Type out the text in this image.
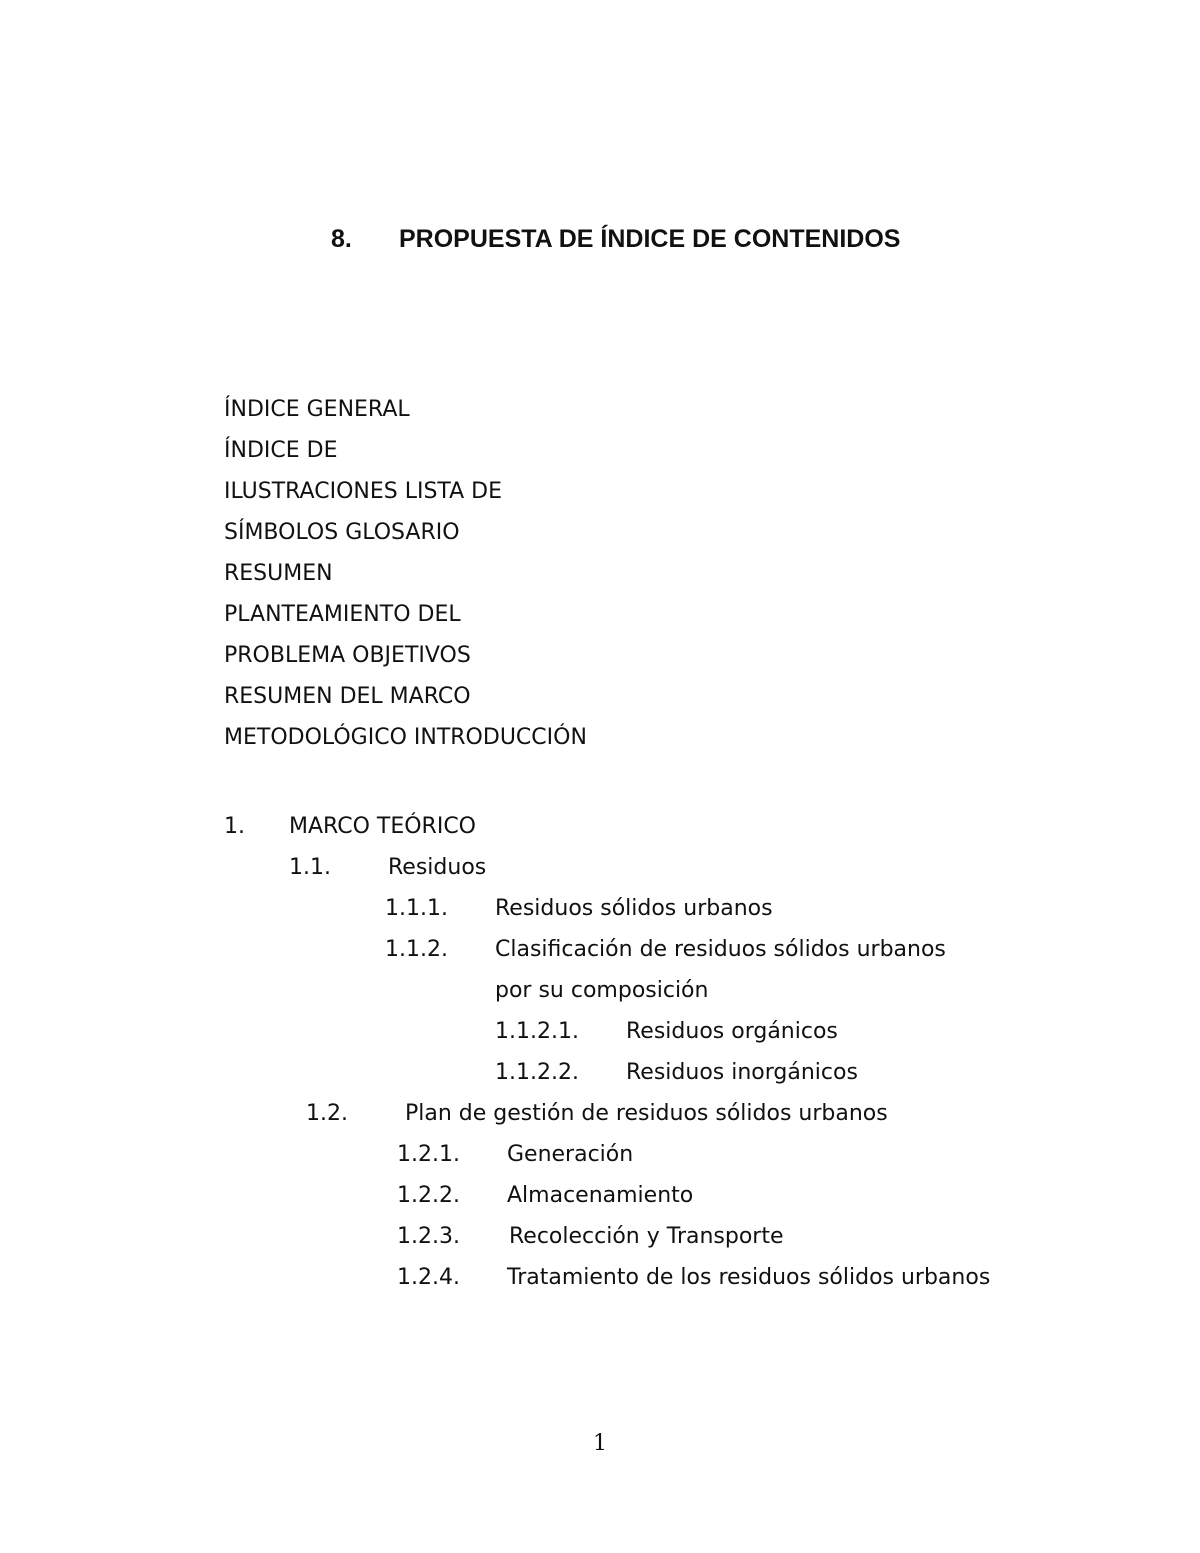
8. PROPUESTA DE ÍNDICE DE CONTENIDOS
ÍNDICE GENERAL
ÍNDICE DE
ILUSTRACIONES LISTA DE
SÍMBOLOS GLOSARIO
RESUMEN
PLANTEAMIENTO DEL
PROBLEMA OBJETIVOS
RESUMEN DEL MARCO
METODOLÓGICO INTRODUCCIÓN
1. MARCO TEÓRICO
1.1.	Residuos
1.1.1. Residuos sólidos urbanos
1.1.2. Clasificación de residuos sólidos urbanos
por su composición
1.1.2.1. Residuos orgánicos
1.1.2.2. Residuos inorgánicos
1.2.	Plan de gestión de residuos sólidos urbanos
1.2.1. Generación
1.2.2. Almacenamiento
1.2.3. Recolección y Transporte
1.2.4. Tratamiento de los residuos sólidos urbanos
1
